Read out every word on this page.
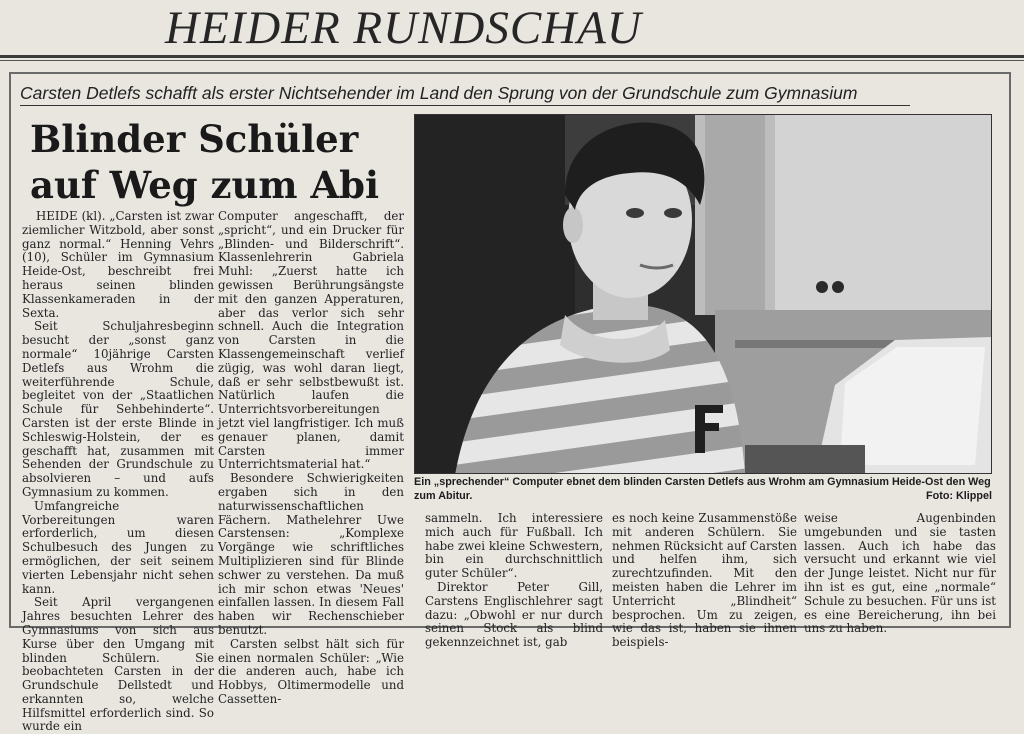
HEIDER RUNDSCHAU
Carsten Detlefs schafft als erster Nichtsehender im Land den Sprung von der Grundschule zum Gymnasium
Blinder Schüler
auf Weg zum Abi

HEIDE (kl). „Carsten ist zwar ziemlicher Witzbold, aber sonst ganz normal.“ Henning Vehrs (10), Schüler im Gymnasium Heide-Ost, beschreibt frei heraus seinen blinden Klassenkameraden in der Sexta.

Seit Schuljahresbeginn besucht der „sonst ganz normale“ 10jährige Carsten Detlefs aus Wrohm die weiterführende Schule, begleitet von der „Staatlichen Schule für Sehbehinderte“. Carsten ist der erste Blinde in Schleswig-Holstein, der es geschafft hat, zusammen mit Sehenden der Grundschule zu absolvieren – und aufs Gymnasium zu kommen.

Umfangreiche Vorbereitungen waren erforderlich, um diesen Schulbesuch des Jungen zu ermöglichen, der seit seinem vierten Lebensjahr nicht sehen kann.

Seit April vergangenen Jahres besuchten Lehrer des Gymnasiums von sich aus Kurse über den Umgang mit blinden Schülern. Sie beobachteten Carsten in der Grundschule Dellstedt und erkannten so, welche Hilfsmittel erforderlich sind. So wurde ein

Computer angeschafft, der „spricht“, und ein Drucker für „Blinden- und Bilderschrift“. Klassenlehrerin Gabriela Muhl: „Zuerst hatte ich gewissen Berührungsängste mit den ganzen Apperaturen, aber das verlor sich sehr schnell. Auch die Integration von Carsten in die Klassengemeinschaft verlief zügig, was wohl daran liegt, daß er sehr selbstbewußt ist. Natürlich laufen die Unterrichtsvorbereitungen jetzt viel langfristiger. Ich muß genauer planen, damit Carsten immer Unterrichtsmaterial hat.“

Besondere Schwierigkeiten ergaben sich in den naturwissenschaftlichen Fächern. Mathelehrer Uwe Carstensen: „Komplexe Vorgänge wie schriftliches Multiplizieren sind für Blinde schwer zu verstehen. Da muß ich mir schon etwas 'Neues' einfallen lassen. In diesem Fall haben wir Rechenschieber benutzt.

Carsten selbst hält sich für einen normalen Schüler: „Wie die anderen auch, habe ich Hobbys, Oltimermodelle und Cassetten-

Ein „sprechender“ Computer ebnet dem blinden Carsten Detlefs aus Wrohm am Gymnasium Heide-Ost den Weg zum Abitur.	Foto: Klippel

sammeln. Ich interessiere mich auch für Fußball. Ich habe zwei kleine Schwestern, bin ein durchschnittlich guter Schüler“.

Direktor Peter Gill, Carstens Englischlehrer sagt dazu: „Obwohl er nur durch seinen Stock als blind gekennzeichnet ist, gab

es noch keine Zusammenstöße mit anderen Schülern. Sie nehmen Rücksicht auf Carsten und helfen ihm, sich zurechtzufinden. Mit den meisten haben die Lehrer im Unterricht „Blindheit“ besprochen. Um zu zeigen, wie das ist, haben sie ihnen beispiels-

weise Augenbinden umgebunden und sie tasten lassen. Auch ich habe das versucht und erkannt wie viel der Junge leistet. Nicht nur für ihn ist es gut, eine „normale“ Schule zu besuchen. Für uns ist es eine Bereicherung, ihn bei uns zu haben.
